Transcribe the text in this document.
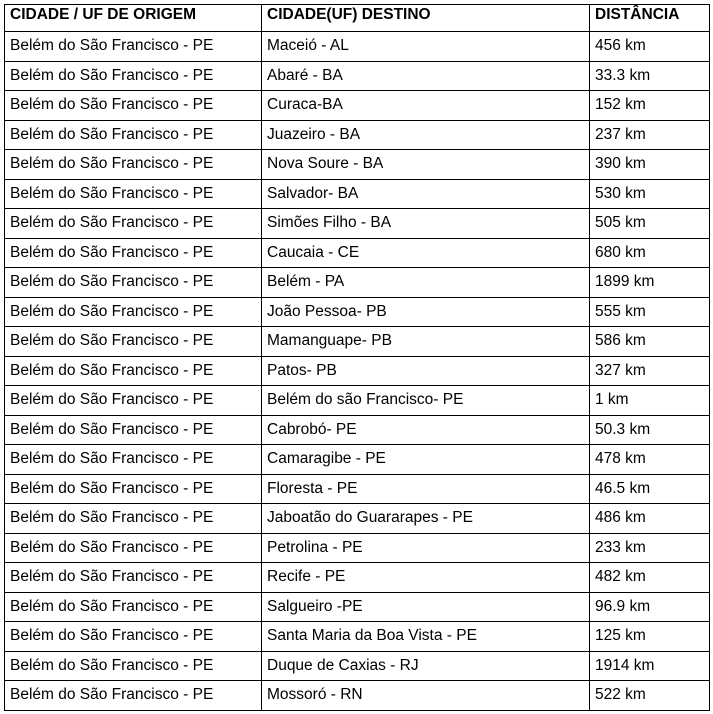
CIDADE / UF DE ORIGEM	CIDADE(UF) DESTINO	DISTÂNCIA
Belém do São Francisco - PE	Maceió - AL	456 km
Belém do São Francisco - PE	Abaré - BA	33.3 km
Belém do São Francisco - PE	Curaca-BA	152 km
Belém do São Francisco - PE	Juazeiro - BA	237 km
Belém do São Francisco - PE	Nova Soure - BA	390 km
Belém do São Francisco - PE	Salvador- BA	530 km
Belém do São Francisco - PE	Simões Filho - BA	505 km
Belém do São Francisco - PE	Caucaia - CE	680 km
Belém do São Francisco - PE	Belém - PA	1899 km
Belém do São Francisco - PE	João Pessoa- PB	555 km
Belém do São Francisco - PE	Mamanguape- PB	586 km
Belém do São Francisco - PE	Patos- PB	327 km
Belém do São Francisco - PE	Belém do são Francisco- PE	1 km
Belém do São Francisco - PE	Cabrobó- PE	50.3 km
Belém do São Francisco - PE	Camaragibe - PE	478 km
Belém do São Francisco - PE	Floresta - PE	46.5 km
Belém do São Francisco - PE	Jaboatão do Guararapes - PE	486 km
Belém do São Francisco - PE	Petrolina - PE	233 km
Belém do São Francisco - PE	Recife - PE	482 km
Belém do São Francisco - PE	Salgueiro -PE	96.9 km
Belém do São Francisco - PE	Santa Maria da Boa Vista - PE	125 km
Belém do São Francisco - PE	Duque de Caxias - RJ	1914 km
Belém do São Francisco - PE	Mossoró - RN	522 km
